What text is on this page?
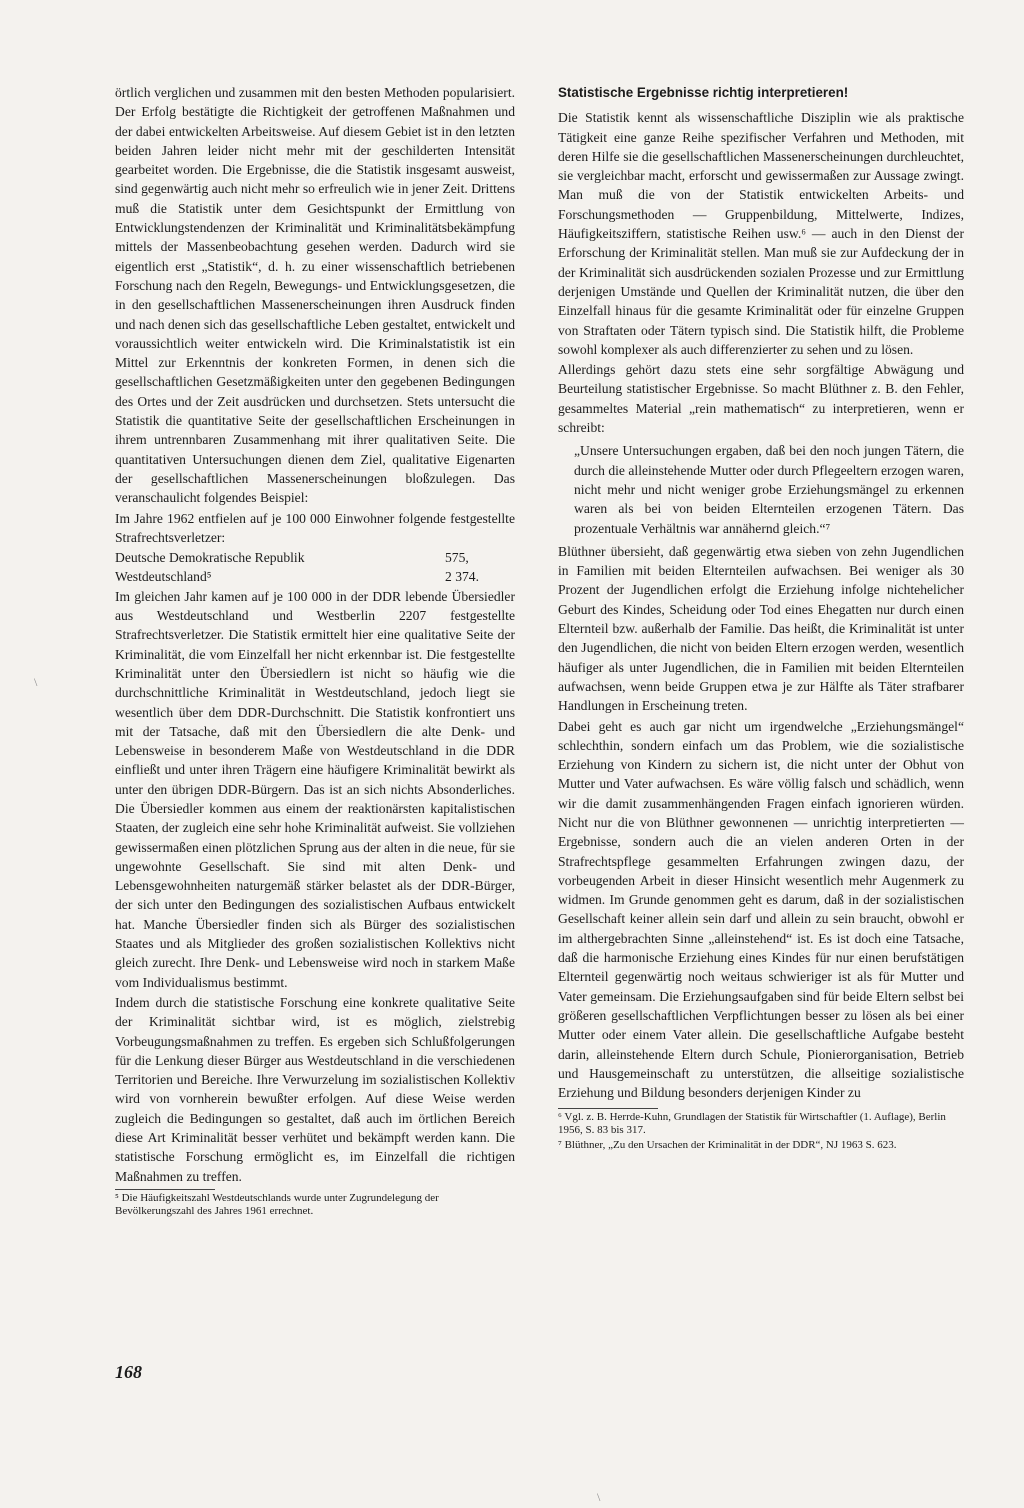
örtlich verglichen und zusammen mit den besten Methoden popularisiert. Der Erfolg bestätigte die Richtigkeit der getroffenen Maßnahmen und der dabei entwickelten Arbeitsweise. Auf diesem Gebiet ist in den letzten beiden Jahren leider nicht mehr mit der geschilderten Intensität gearbeitet worden. Die Ergebnisse, die die Statistik insgesamt ausweist, sind gegenwärtig auch nicht mehr so erfreulich wie in jener Zeit. Drittens muß die Statistik unter dem Gesichtspunkt der Ermittlung von Entwicklungstendenzen der Kriminalität und Kriminalitätsbekämpfung mittels der Massenbeobachtung gesehen werden. Dadurch wird sie eigentlich erst „Statistik“, d. h. zu einer wissenschaftlich betriebenen Forschung nach den Regeln, Bewegungs- und Entwicklungsgesetzen, die in den gesellschaftlichen Massenerscheinungen ihren Ausdruck finden und nach denen sich das gesellschaftliche Leben gestaltet, entwickelt und voraussichtlich weiter entwickeln wird. Die Kriminalstatistik ist ein Mittel zur Erkenntnis der konkreten Formen, in denen sich die gesellschaftlichen Gesetzmäßigkeiten unter den gegebenen Bedingungen des Ortes und der Zeit ausdrücken und durchsetzen. Stets untersucht die Statistik die quantitative Seite der gesellschaftlichen Erscheinungen in ihrem untrennbaren Zusammenhang mit ihrer qualitativen Seite. Die quantitativen Untersuchungen dienen dem Ziel, qualitative Eigenarten der gesellschaftlichen Massenerscheinungen bloßzulegen. Das veranschaulicht folgendes Beispiel:

Im Jahre 1962 entfielen auf je 100 000 Einwohner folgende festgestellte Strafrechtsverletzer:

Deutsche Demokratische Republik	575,
Westdeutschland⁵	2 374.

Im gleichen Jahr kamen auf je 100 000 in der DDR lebende Übersiedler aus Westdeutschland und Westberlin 2207 festgestellte Strafrechtsverletzer. Die Statistik ermittelt hier eine qualitative Seite der Kriminalität, die vom Einzelfall her nicht erkennbar ist. Die festgestellte Kriminalität unter den Übersiedlern ist nicht so häufig wie die durchschnittliche Kriminalität in Westdeutschland, jedoch liegt sie wesentlich über dem DDR-Durchschnitt. Die Statistik konfrontiert uns mit der Tatsache, daß mit den Übersiedlern die alte Denk- und Lebensweise in besonderem Maße von Westdeutschland in die DDR einfließt und unter ihren Trägern eine häufigere Kriminalität bewirkt als unter den übrigen DDR-Bürgern. Das ist an sich nichts Absonderliches. Die Übersiedler kommen aus einem der reaktionärsten kapitalistischen Staaten, der zugleich eine sehr hohe Kriminalität aufweist. Sie vollziehen gewissermaßen einen plötzlichen Sprung aus der alten in die neue, für sie ungewohnte Gesellschaft. Sie sind mit alten Denk- und Lebensgewohnheiten naturgemäß stärker belastet als der DDR-Bürger, der sich unter den Bedingungen des sozialistischen Aufbaus entwickelt hat. Manche Übersiedler finden sich als Bürger des sozialistischen Staates und als Mitglieder des großen sozialistischen Kollektivs nicht gleich zurecht. Ihre Denk- und Lebensweise wird noch in starkem Maße vom Individualismus bestimmt.

Indem durch die statistische Forschung eine konkrete qualitative Seite der Kriminalität sichtbar wird, ist es möglich, zielstrebig Vorbeugungsmaßnahmen zu treffen. Es ergeben sich Schlußfolgerungen für die Lenkung dieser Bürger aus Westdeutschland in die verschiedenen Territorien und Bereiche. Ihre Verwurzelung im sozialistischen Kollektiv wird von vornherein bewußter erfolgen. Auf diese Weise werden zugleich die Bedingungen so gestaltet, daß auch im örtlichen Bereich diese Art Kriminalität besser verhütet und bekämpft werden kann. Die statistische Forschung ermöglicht es, im Einzelfall die richtigen Maßnahmen zu treffen.

⁵ Die Häufigkeitszahl Westdeutschlands wurde unter Zugrundelegung der Bevölkerungszahl des Jahres 1961 errechnet.

Statistische Ergebnisse richtig interpretieren!

Die Statistik kennt als wissenschaftliche Disziplin wie als praktische Tätigkeit eine ganze Reihe spezifischer Verfahren und Methoden, mit deren Hilfe sie die gesellschaftlichen Massenerscheinungen durchleuchtet, sie vergleichbar macht, erforscht und gewissermaßen zur Aussage zwingt. Man muß die von der Statistik entwickelten Arbeits- und Forschungsmethoden — Gruppenbildung, Mittelwerte, Indizes, Häufigkeitsziffern, statistische Reihen usw.⁶ — auch in den Dienst der Erforschung der Kriminalität stellen. Man muß sie zur Aufdeckung der in der Kriminalität sich ausdrückenden sozialen Prozesse und zur Ermittlung derjenigen Umstände und Quellen der Kriminalität nutzen, die über den Einzelfall hinaus für die gesamte Kriminalität oder für einzelne Gruppen von Straftaten oder Tätern typisch sind. Die Statistik hilft, die Probleme sowohl komplexer als auch differenzierter zu sehen und zu lösen.

Allerdings gehört dazu stets eine sehr sorgfältige Abwägung und Beurteilung statistischer Ergebnisse. So macht Blüthner z. B. den Fehler, gesammeltes Material „rein mathematisch“ zu interpretieren, wenn er schreibt:

„Unsere Untersuchungen ergaben, daß bei den noch jungen Tätern, die durch die alleinstehende Mutter oder durch Pflegeeltern erzogen waren, nicht mehr und nicht weniger grobe Erziehungsmängel zu erkennen waren als bei von beiden Elternteilen erzogenen Tätern. Das prozentuale Verhältnis war annähernd gleich.“⁷

Blüthner übersieht, daß gegenwärtig etwa sieben von zehn Jugendlichen in Familien mit beiden Elternteilen aufwachsen. Bei weniger als 30 Prozent der Jugendlichen erfolgt die Erziehung infolge nichtehelicher Geburt des Kindes, Scheidung oder Tod eines Ehegatten nur durch einen Elternteil bzw. außerhalb der Familie. Das heißt, die Kriminalität ist unter den Jugendlichen, die nicht von beiden Eltern erzogen werden, wesentlich häufiger als unter Jugendlichen, die in Familien mit beiden Elternteilen aufwachsen, wenn beide Gruppen etwa je zur Hälfte als Täter strafbarer Handlungen in Erscheinung treten.

Dabei geht es auch gar nicht um irgendwelche „Erziehungsmängel“ schlechthin, sondern einfach um das Problem, wie die sozialistische Erziehung von Kindern zu sichern ist, die nicht unter der Obhut von Mutter und Vater aufwachsen. Es wäre völlig falsch und schädlich, wenn wir die damit zusammenhängenden Fragen einfach ignorieren würden. Nicht nur die von Blüthner gewonnenen — unrichtig interpretierten — Ergebnisse, sondern auch die an vielen anderen Orten in der Strafrechtspflege gesammelten Erfahrungen zwingen dazu, der vorbeugenden Arbeit in dieser Hinsicht wesentlich mehr Augenmerk zu widmen. Im Grunde genommen geht es darum, daß in der sozialistischen Gesellschaft keiner allein sein darf und allein zu sein braucht, obwohl er im althergebrachten Sinne „alleinstehend“ ist. Es ist doch eine Tatsache, daß die harmonische Erziehung eines Kindes für nur einen berufstätigen Elternteil gegenwärtig noch weitaus schwieriger ist als für Mutter und Vater gemeinsam. Die Erziehungsaufgaben sind für beide Eltern selbst bei größeren gesellschaftlichen Verpflichtungen besser zu lösen als bei einer Mutter oder einem Vater allein. Die gesellschaftliche Aufgabe besteht darin, alleinstehende Eltern durch Schule, Pionierorganisation, Betrieb und Hausgemeinschaft zu unterstützen, die allseitige sozialistische Erziehung und Bildung besonders derjenigen Kinder zu

⁶ Vgl. z. B. Herrde-Kuhn, Grundlagen der Statistik für Wirtschaftler (1. Auflage), Berlin 1956, S. 83 bis 317.

⁷ Blüthner, „Zu den Ursachen der Kriminalität in der DDR“, NJ 1963 S. 623.

168
\
\
